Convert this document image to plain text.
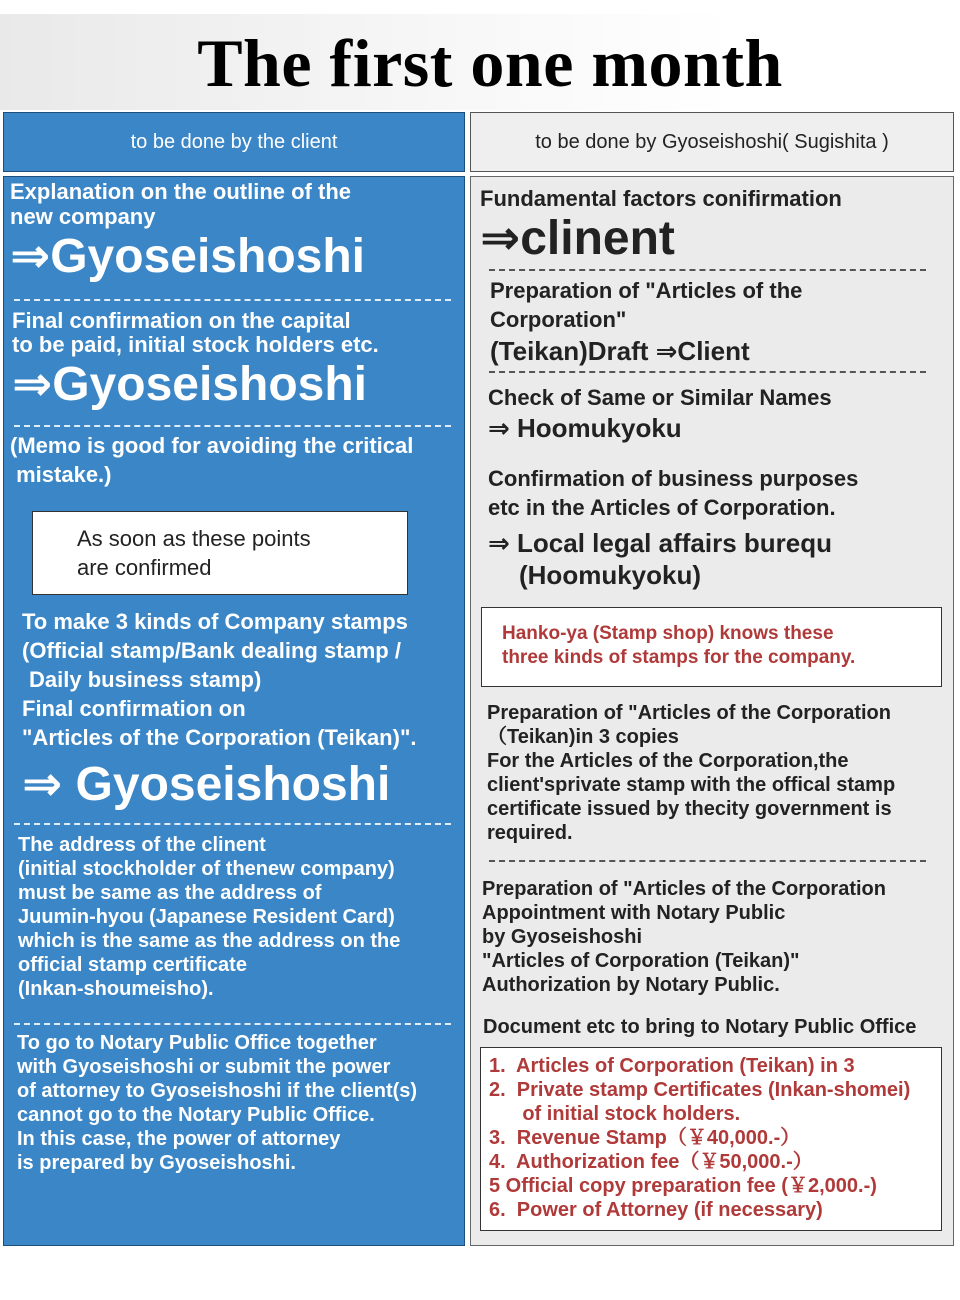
The first one month
to be done by the client	to be done by Gyoseishoshi( Sugishita )

Explanation on the outline of the

new company

⇒Gyoseishoshi

Final confirmation on the capital

to be paid, initial stock holders etc.

⇒Gyoseishoshi

(Memo is good for avoiding the critical

mistake.)

As soon as these points

are confirmed

To make 3 kinds of Company stamps

(Official stamp/Bank dealing stamp /

Daily business stamp)

Final confirmation on

"Articles of the Corporation (Teikan)".

⇒ Gyoseishoshi

The address of the clinent
(initial stockholder of thenew company)
must be same as the address of
Juumin-hyou (Japanese Resident Card)
which is the same as the address on the
official stamp certificate
(Inkan-shoumeisho).
To go to Notary Public Office together
with Gyoseishoshi or submit the power
of attorney to Gyoseishoshi if the client(s)
cannot go to the Notary Public Office.
In this case, the power of attorney
is prepared by Gyoseishoshi.

Fundamental factors conifirmation

⇒clinent

Preparation of "Articles of the

Corporation"

(Teikan)Draft ⇒Client

Check of Same or Similar Names

⇒ Hoomukyoku

Confirmation of business purposes

etc in the Articles of Corporation.

⇒ Local legal affairs burequ

(Hoomukyoku)

Hanko-ya (Stamp shop) knows these

three kinds of stamps for the company.

Preparation of "Articles of the Corporation
（Teikan)in 3 copies
For the Articles of the Corporation,the
client'sprivate stamp with the offical stamp
certificate issued by thecity government is
required.
Preparation of "Articles of the Corporation
Appointment with Notary Public
by Gyoseishoshi
"Articles of Corporation (Teikan)"
Authorization by Notary Public.

Document etc to bring to Notary Public Office

1.  Articles of Corporation (Teikan) in 3
2.  Private stamp Certificates (Inkan-shomei)
of initial stock holders.
3.  Revenue Stamp（￥40,000.-）
4.  Authorization fee（￥50,000.-）
5 Official copy preparation fee (￥2,000.-)
6.  Power of Attorney (if necessary)
